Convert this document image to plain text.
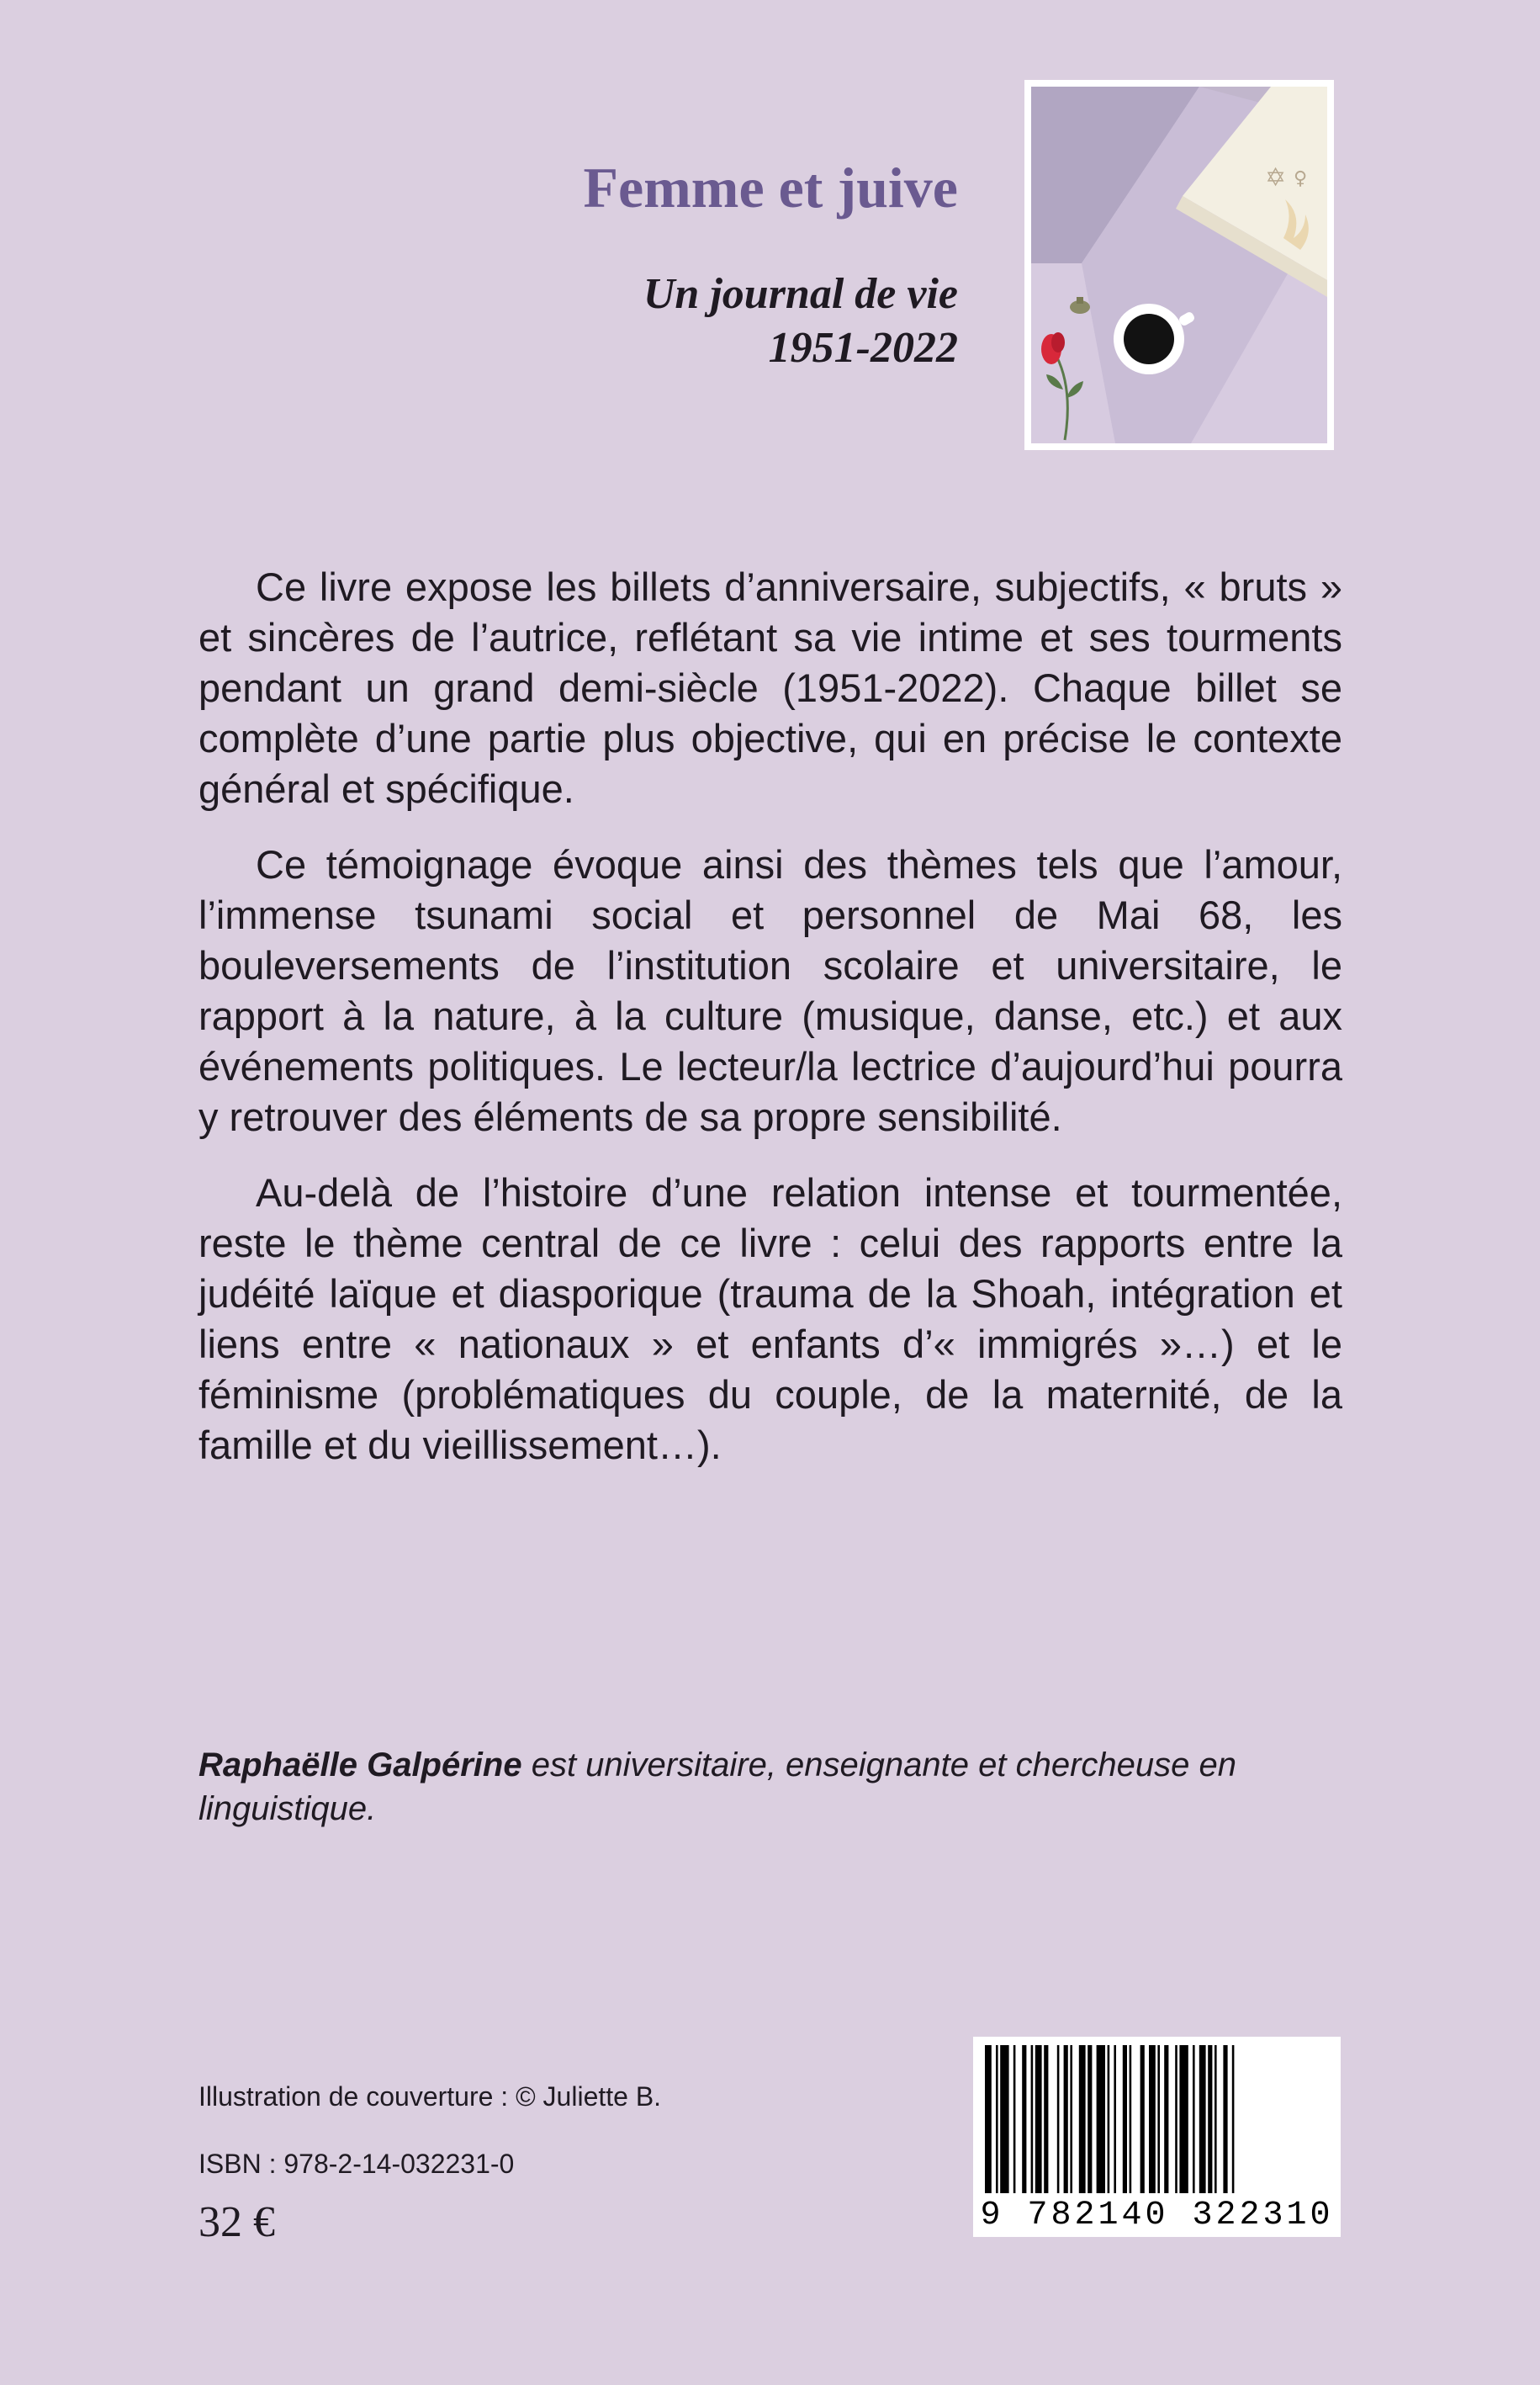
Femme et juive
Un journal de vie
1951-2022
✡ ♀

Ce livre expose les billets d’anniversaire, subjectifs, « bruts » et sincères de l’autrice, reflétant sa vie intime et ses tourments pendant un grand demi-siècle (1951-2022). Chaque billet se complète d’une partie plus objective, qui en précise le contexte général et spécifique.

Ce témoignage évoque ainsi des thèmes tels que l’amour, l’immense tsunami social et personnel de Mai 68, les bouleversements de l’institution scolaire et universitaire, le rapport à la nature, à la culture (musique, danse, etc.) et aux événements politiques. Le lecteur/la lectrice d’aujourd’hui pourra y retrouver des éléments de sa propre sensibilité.

Au-delà de l’histoire d’une relation intense et tourmentée, reste le thème central de ce livre : celui des rapports entre la judéité laïque et diasporique (trauma de la Shoah, intégration et liens entre « nationaux » et enfants d’« immigrés »…) et le féminisme (problématiques du couple, de la maternité, de la famille et du vieillissement…).

Raphaëlle Galpérine est universitaire, enseignante et chercheuse en linguistique.

Illustration de couverture : © Juliette B.

ISBN : 978-2-14-032231-0

32 €	9 782140 322310
